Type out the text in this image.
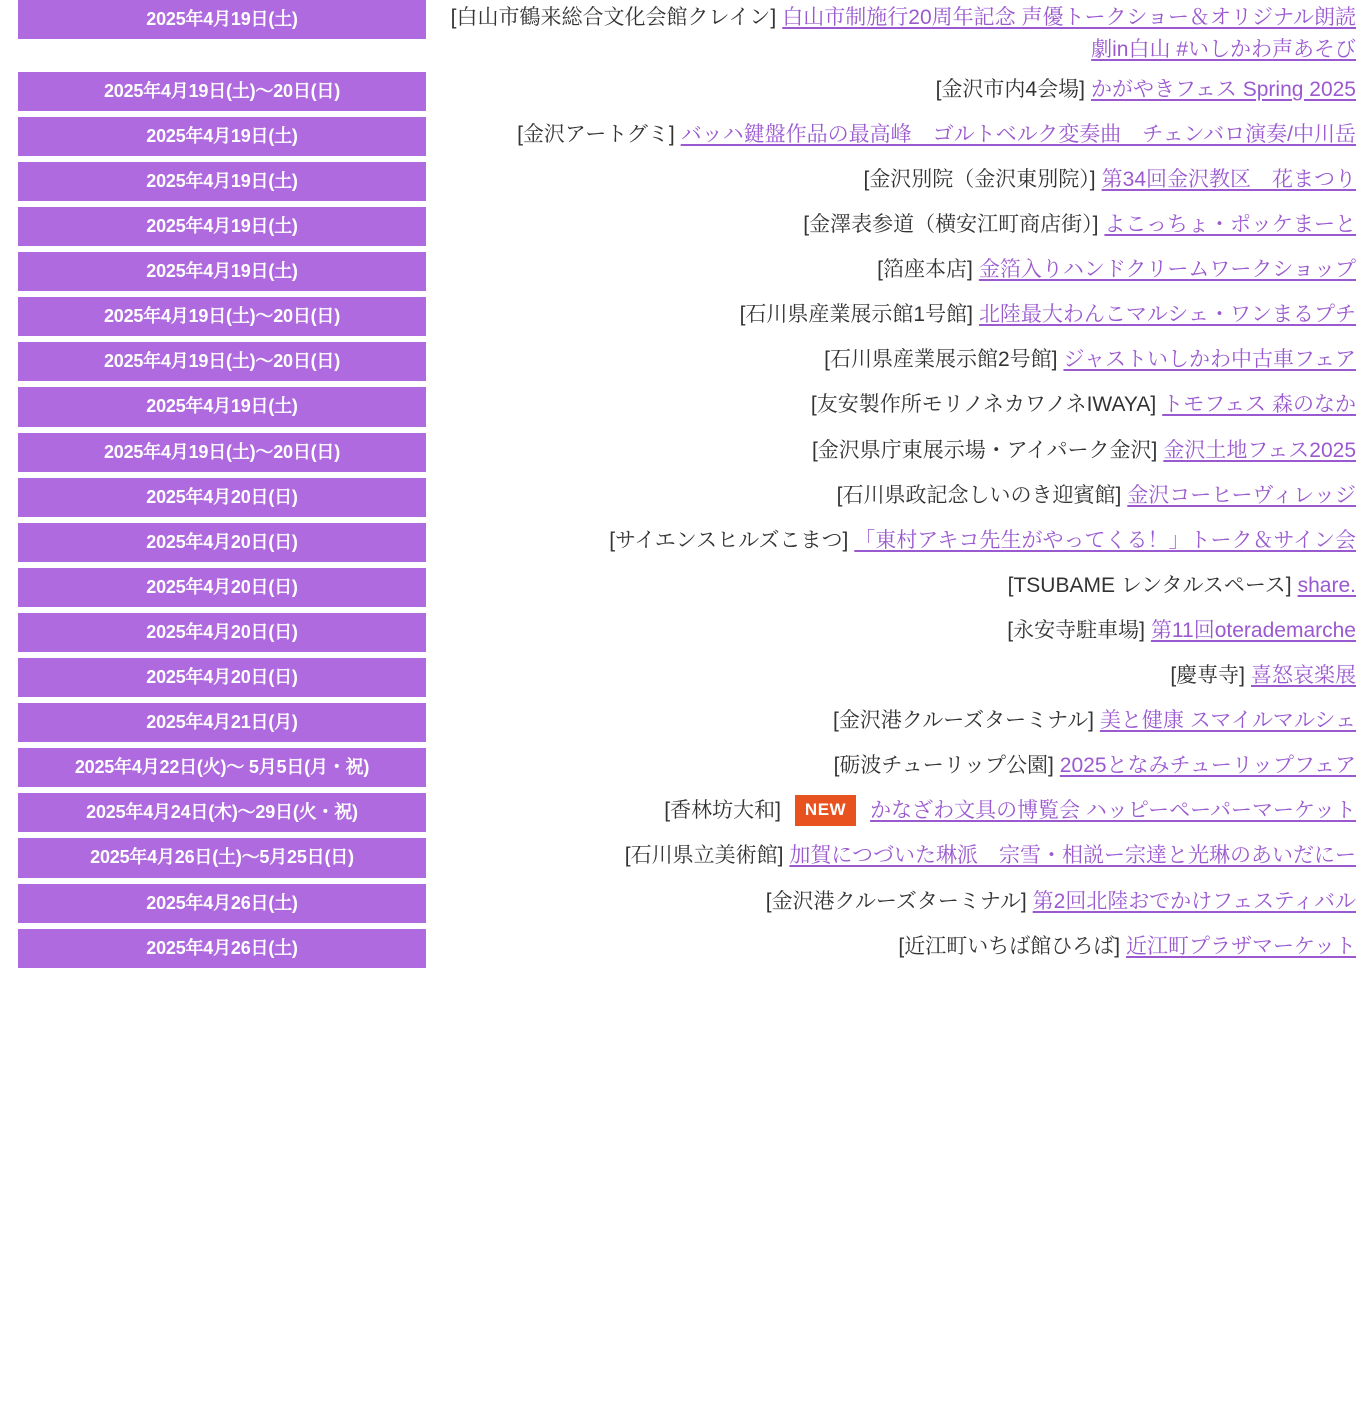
2025年4月19日(土)	[白山市鶴来総合文化会館クレイン] 白山市制施行20周年記念 声優トークショー＆オリジナル朗読劇in白山 #いしかわ声あそび
2025年4月19日(土)〜20日(日)	[金沢市内4会場] かがやきフェス Spring 2025
2025年4月19日(土)	[金沢アートグミ] バッハ鍵盤作品の最高峰　ゴルトベルク変奏曲　チェンバロ演奏/中川岳
2025年4月19日(土)	[金沢別院（金沢東別院）] 第34回金沢教区　花まつり
2025年4月19日(土)	[金澤表参道（横安江町商店街）] よこっちょ・ポッケまーと
2025年4月19日(土)	[箔座本店] 金箔入りハンドクリームワークショップ
2025年4月19日(土)〜20日(日)	[石川県産業展示館1号館] 北陸最大わんこマルシェ・ワンまるプチ
2025年4月19日(土)〜20日(日)	[石川県産業展示館2号館] ジャストいしかわ中古車フェア
2025年4月19日(土)	[友安製作所モリノネカワノネIWAYA] トモフェス 森のなか
2025年4月19日(土)〜20日(日)	[金沢県庁東展示場・アイパーク金沢] 金沢土地フェス2025
2025年4月20日(日)	[石川県政記念しいのき迎賓館] 金沢コーヒーヴィレッジ
2025年4月20日(日)	[サイエンスヒルズこまつ] 「東村アキコ先生がやってくる！」トーク＆サイン会
2025年4月20日(日)	[TSUBAME レンタルスペース] share.
2025年4月20日(日)	[永安寺駐車場] 第11回oterademarche
2025年4月20日(日)	[慶専寺] 喜怒哀楽展
2025年4月21日(月)	[金沢港クルーズターミナル] 美と健康 スマイルマルシェ
2025年4月22日(火)〜 5月5日(月・祝)	[砺波チューリップ公園] 2025となみチューリップフェア
2025年4月24日(木)〜29日(火・祝)	[香林坊大和] NEW かなざわ文具の博覧会 ハッピーペーパーマーケット
2025年4月26日(土)〜5月25日(日)	[石川県立美術館] 加賀につづいた琳派　宗雪・相説ー宗達と光琳のあいだにー
2025年4月26日(土)	[金沢港クルーズターミナル] 第2回北陸おでかけフェスティバル
2025年4月26日(土)	[近江町いちば館ひろば] 近江町プラザマーケット
